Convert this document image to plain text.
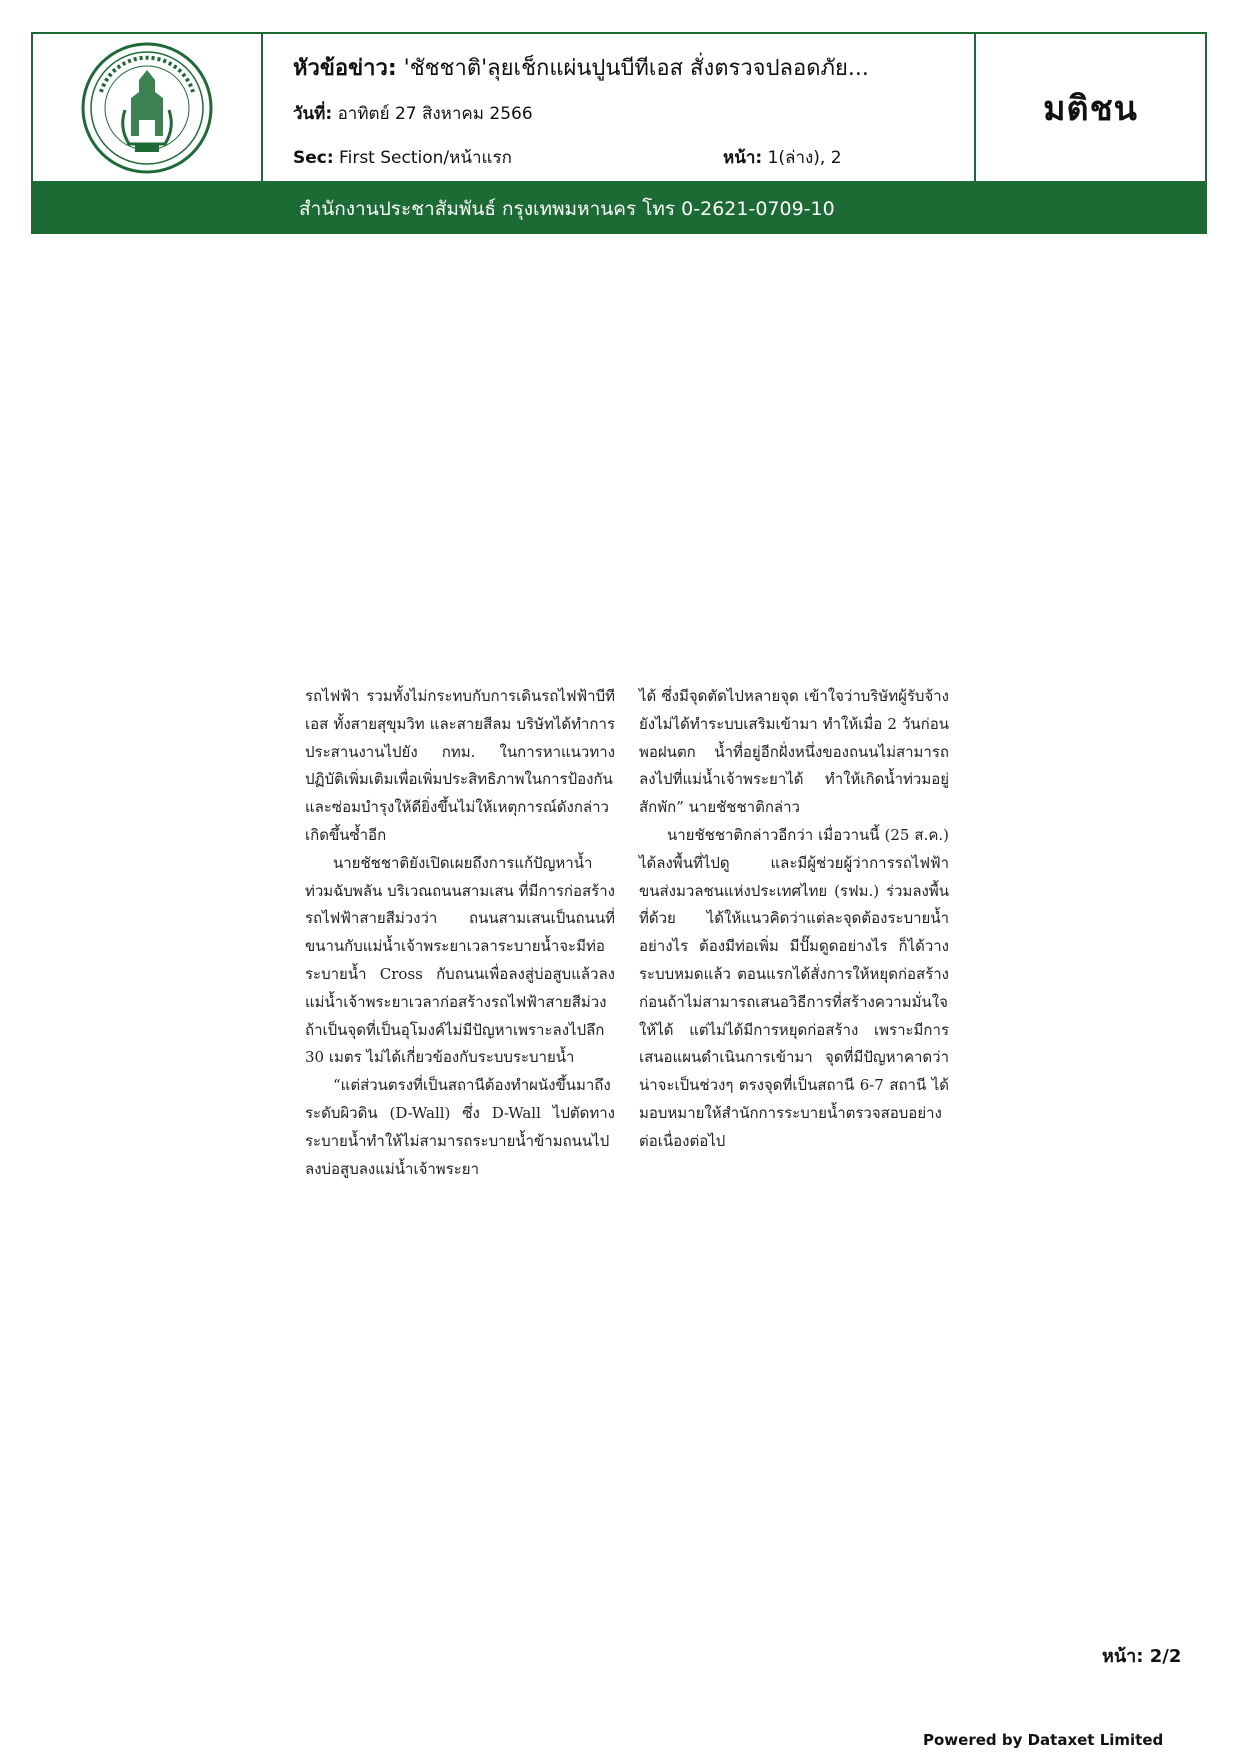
หัวข้อข่าว: 'ชัชชาติ'ลุยเช็กแผ่นปูนบีทีเอส สั่งตรวจปลอดภัย...
วันที่: อาทิตย์ 27 สิงหาคม 2566
Sec: First Section/หน้าแรก	หน้า: 1(ล่าง), 2
มติชน
สำนักงานประชาสัมพันธ์ กรุงเทพมหานคร โทร 0-2621-0709-10

รถไฟฟ้า รวมทั้งไม่กระทบกับการเดินรถไฟฟ้าบีทีเอส ทั้งสายสุขุมวิท และสายสีลม บริษัทได้ทำการประสานงานไปยัง กทม. ในการหาแนวทางปฏิบัติเพิ่มเติมเพื่อเพิ่มประสิทธิภาพในการป้องกัน และซ่อมบำรุงให้ดียิ่งขึ้นไม่ให้เหตุการณ์ดังกล่าวเกิดขึ้นซ้ำอีก

นายชัชชาติยังเปิดเผยถึงการแก้ปัญหาน้ำท่วมฉับพลัน บริเวณถนนสามเสน ที่มีการก่อสร้างรถไฟฟ้าสายสีม่วงว่า ถนนสามเสนเป็นถนนที่ขนานกับแม่น้ำเจ้าพระยาเวลาระบายน้ำจะมีท่อระบายน้ำ Cross กับถนนเพื่อลงสู่บ่อสูบแล้วลงแม่น้ำเจ้าพระยาเวลาก่อสร้างรถไฟฟ้าสายสีม่วง ถ้าเป็นจุดที่เป็นอุโมงค์ไม่มีปัญหาเพราะลงไปลึก 30 เมตร ไม่ได้เกี่ยวข้องกับระบบระบายน้ำ

“แต่ส่วนตรงที่เป็นสถานีต้องทำผนังขึ้นมาถึงระดับผิวดิน (D-Wall) ซึ่ง D-Wall ไปตัดทางระบายน้ำทำให้ไม่สามารถระบายน้ำข้ามถนนไปลงบ่อสูบลงแม่น้ำเจ้าพระยา

ได้ ซึ่งมีจุดตัดไปหลายจุด เข้าใจว่าบริษัทผู้รับจ้างยังไม่ได้ทำระบบเสริมเข้ามา ทำให้เมื่อ 2 วันก่อนพอฝนตก น้ำที่อยู่อีกฝั่งหนึ่งของถนนไม่สามารถลงไปที่แม่น้ำเจ้าพระยาได้ ทำให้เกิดน้ำท่วมอยู่สักพัก” นายชัชชาติกล่าว

นายชัชชาติกล่าวอีกว่า เมื่อวานนี้ (25 ส.ค.) ได้ลงพื้นที่ไปดู และมีผู้ช่วยผู้ว่าการรถไฟฟ้าขนส่งมวลชนแห่งประเทศไทย (รฟม.) ร่วมลงพื้นที่ด้วย ได้ให้แนวคิดว่าแต่ละจุดต้องระบายน้ำอย่างไร ต้องมีท่อเพิ่ม มีปั๊มดูดอย่างไร ก็ได้วางระบบหมดแล้ว ตอนแรกได้สั่งการให้หยุดก่อสร้างก่อนถ้าไม่สามารถเสนอวิธีการที่สร้างความมั่นใจให้ได้ แต่ไม่ได้มีการหยุดก่อสร้าง เพราะมีการเสนอแผนดำเนินการเข้ามา จุดที่มีปัญหาคาดว่าน่าจะเป็นช่วงๆ ตรงจุดที่เป็นสถานี 6-7 สถานี ได้มอบหมายให้สำนักการระบายน้ำตรวจสอบอย่างต่อเนื่องต่อไป

หน้า: 2/2
Powered by Dataxet Limited
